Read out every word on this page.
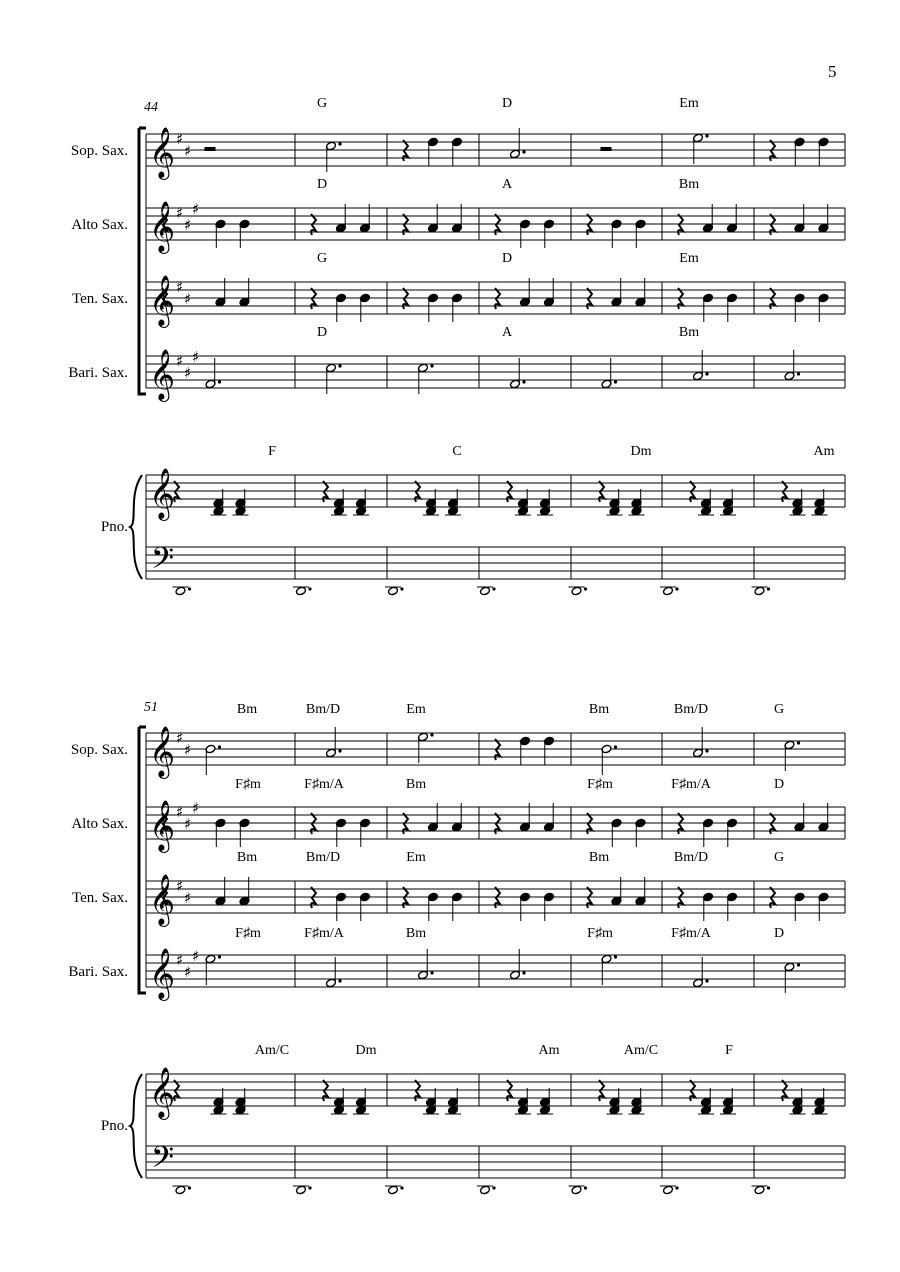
5
44
Sop. Sax.
Alto Sax.
Ten. Sax.
Bari. Sax.
Pno.
51
Sop. Sax.
Alto Sax.
Ten. Sax.
Bari. Sax.
Pno.
G	D	Em
D	A	Bm
G	D	Em
D	A	Bm
F	C	Dm	Am
Bm	Bm/D	Em	Bm	Bm/D	G
F♯m	F♯m/A	Bm	F♯m	F♯m/A	D
Bm	Bm/D	Em	Bm	Bm/D	G
F♯m	F♯m/A	Bm	F♯m	F♯m/A	D
Am/C	Dm	Am	Am/C	F
𝄞 ♯
♯
𝄞 ♯
♯
♯
𝄞 ♯
♯
𝄞 ♯
♯
♯
𝄞
𝄢
𝄞 ♯
♯
𝄞 ♯
♯
♯
𝄞 ♯
♯
𝄞 ♯
♯
♯
𝄞
𝄢
